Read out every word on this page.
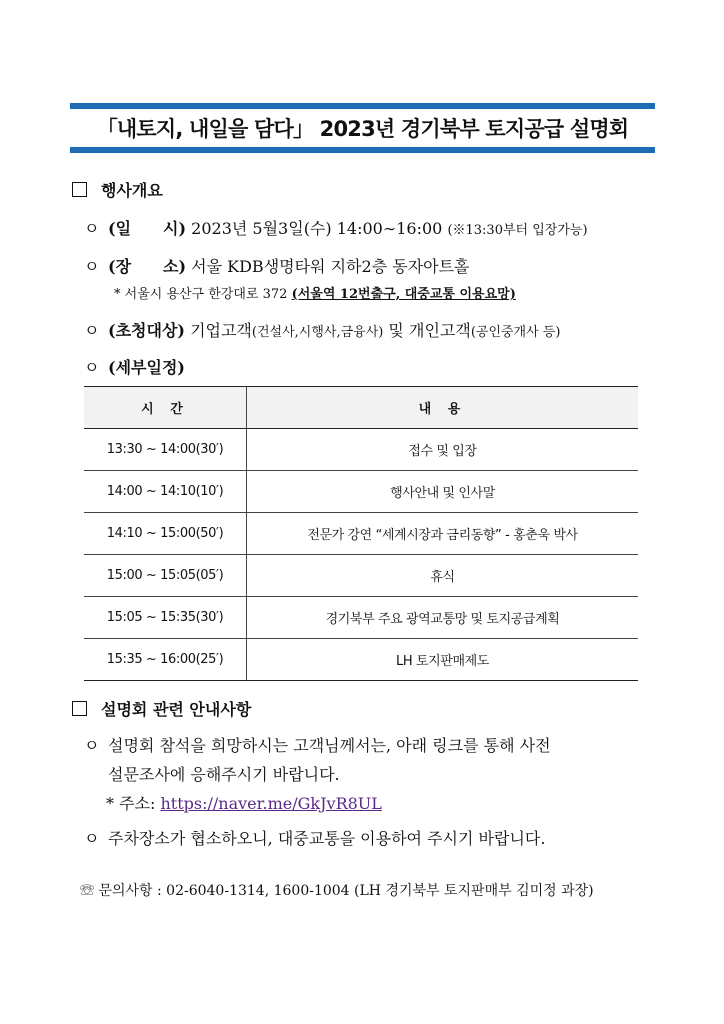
「내토지, 내일을 담다」 2023년 경기북부 토지공급 설명회
행사개요
ㅇ (일　　시) 2023년 5월3일(수) 14:00∼16:00 (※13:30부터 입장가능)
ㅇ (장　　소) 서울 KDB생명타워 지하2층 동자아트홀
* 서울시 용산구 한강대로 372 (서울역 12번출구, 대중교통 이용요망)
ㅇ (초청대상) 기업고객(건설사,시행사,금융사) 및 개인고객(공인중개사 등)
ㅇ (세부일정)
시 간	내 용
13:30 ~ 14:00(30′)	접수 및 입장
14:00 ~ 14:10(10′)	행사안내 및 인사말
14:10 ~ 15:00(50′)	전문가 강연 “세계시장과 금리동향” - 홍춘욱 박사
15:00 ~ 15:05(05′)	휴식
15:05 ~ 15:35(30′)	경기북부 주요 광역교통망 및 토지공급계획
15:35 ~ 16:00(25′)	LH 토지판매제도
설명회 관련 안내사항
ㅇ 설명회 참석을 희망하시는 고객님께서는, 아래 링크를 통해 사전
설문조사에 응해주시기 바랍니다.
* 주소: https://naver.me/GkJvR8UL
ㅇ 주차장소가 협소하오니, 대중교통을 이용하여 주시기 바랍니다.
☏ 문의사항 : 02-6040-1314, 1600-1004 (LH 경기북부 토지판매부 김미정 과장)
